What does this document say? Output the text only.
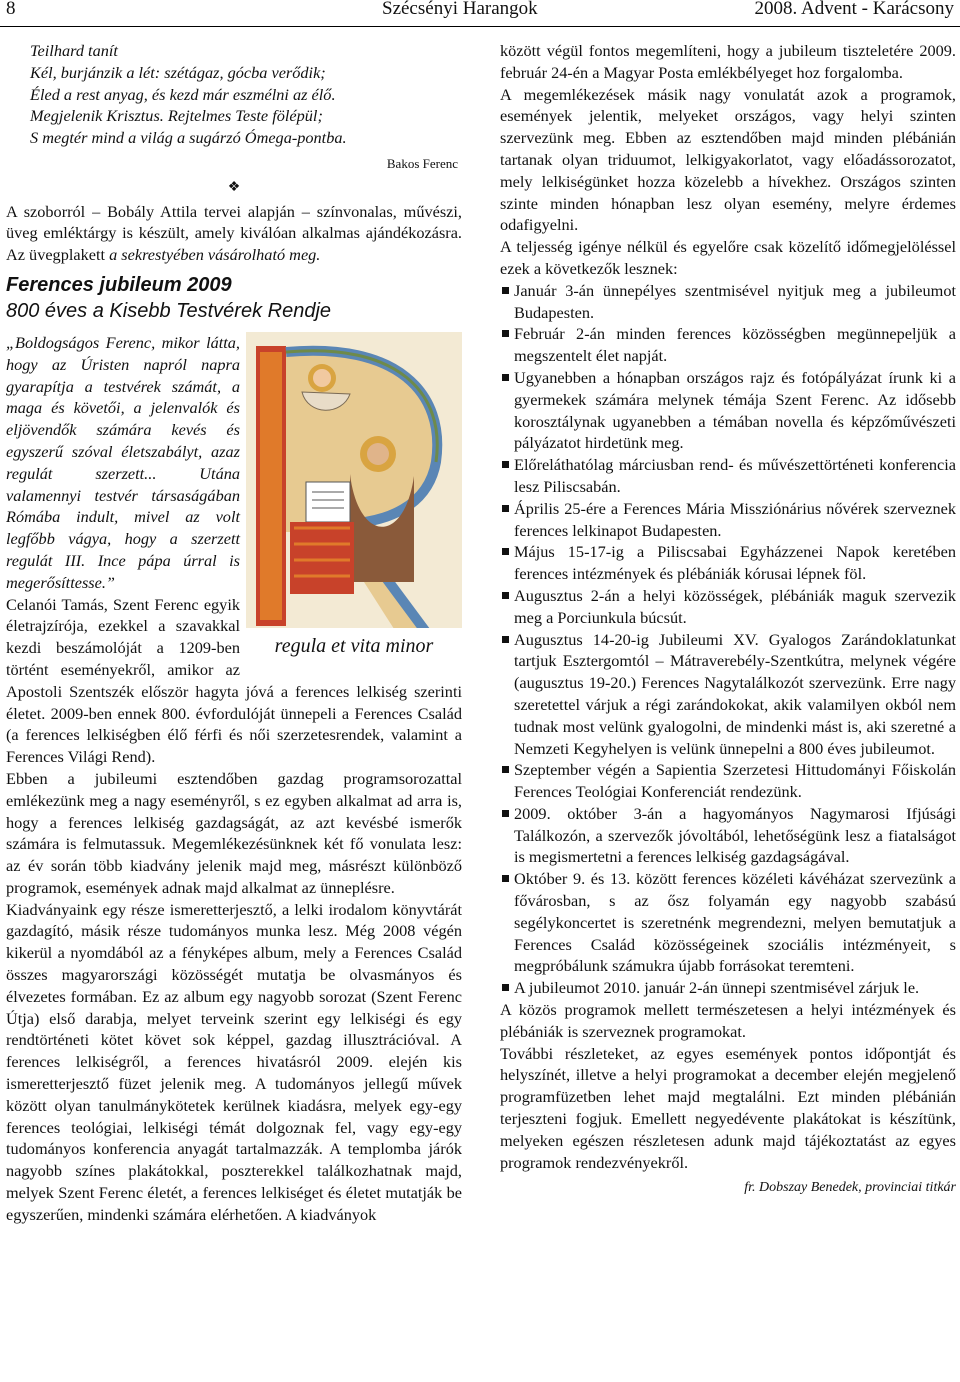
8	Szécsényi Harangok	2008. Advent - Karácsony
Teilhard tanít
Kél, burjánzik a lét: szétágaz, gócba verődik;
Éled a rest anyag, és kezd már eszmélni az élő.
Megjelenik Krisztus. Rejtelmes Teste fölépül;
S megtér mind a világ a sugárzó Ómega-pontba.
Bakos Ferenc
❖

A szoborról – Bobály Attila tervei alapján – színvonalas, művészi, üveg emléktárgy is készült, amely kiválóan alkalmas ajándékozásra. Az üvegplakett a sekrestyében vásárolható meg.

Ferences jubileum 2009
800 éves a Kisebb Testvérek Rendje
regula et vita minor

„Boldogságos Ferenc, mikor látta, hogy az Úristen napról napra gyarapítja a testvérek számát, a maga és követői, a jelenvalók és eljövendők számára kevés és egyszerű szóval életszabályt, azaz regulát szerzett... Utána valamennyi testvér társaságában Rómába indult, mivel az volt legfőbb vágya, hogy a szerzett regulát III. Ince pápa úrral is megerősíttesse.”

Celanói Tamás, Szent Ferenc egyik életrajzírója, ezekkel a szavakkal kezdi beszámolóját a 1209-ben történt eseményekről, amikor az Apostoli Szentszék először hagyta jóvá a ferences lelkiség szerinti életet. 2009-ben ennek 800. évfordulóját ünnepeli a Ferences Család (a ferences lelkiségben élő férfi és női szerzetesrendek, valamint a Ferences Világi Rend).

Ebben a jubileumi esztendőben gazdag programsorozattal emlékezünk meg a nagy eseményről, s ez egyben alkalmat ad arra is, hogy a ferences lelkiség gazdagságát, az azt kevésbé ismerők számára is felmutassuk. Megemlékezésünknek két fő vonulata lesz: az év során több kiadvány jelenik majd meg, másrészt különböző programok, események adnak majd alkalmat az ünneplésre.

Kiadványaink egy része ismeretterjesztő, a lelki irodalom könyvtárát gazdagító, másik része tudományos munka lesz. Még 2008 végén kikerül a nyomdából az a fényképes album, mely a Ferences Család összes magyarországi közösségét mutatja be olvasmányos és élvezetes formában. Ez az album egy nagyobb sorozat (Szent Ferenc Útja) első darabja, melyet terveink szerint egy lelkiségi és egy rendtörténeti kötet követ sok képpel, gazdag illusztrációval. A ferences lelkiségről, a ferences hivatásról 2009. elején kis ismeretterjesztő füzet jelenik meg. A tudományos jellegű művek között olyan tanulmánykötetek kerülnek kiadásra, melyek egy-egy ferences teológiai, lelkiségi témát dolgoznak fel, vagy egy-egy tudományos konferencia anyagát tartalmazzák. A templomba járók nagyobb színes plakátokkal, poszterekkel találkozhatnak majd, melyek Szent Ferenc életét, a ferences lelkiséget és életet mutatják be egyszerűen, mindenki számára elérhetően. A kiadványok

között végül fontos megemlíteni, hogy a jubileum tiszteletére 2009. február 24-én a Magyar Posta emlékbélyeget hoz forgalomba.

A megemlékezések másik nagy vonulatát azok a programok, események jelentik, melyeket országos, vagy helyi szinten szervezünk meg. Ebben az esztendőben majd minden plébánián tartanak olyan triduumot, lelkigyakorlatot, vagy előadássorozatot, mely lelkiségünket hozza közelebb a hívekhez. Országos szinten szinte minden hónapban lesz olyan esemény, melyre érdemes odafigyelni.

A teljesség igénye nélkül és egyelőre csak közelítő időmegjelöléssel ezek a következők lesznek:

Január 3-án ünnepélyes szentmisével nyitjuk meg a jubileumot Budapesten.
Február 2-án minden ferences közösségben megünnepeljük a megszentelt élet napját.
Ugyanebben a hónapban országos rajz és fotópályázat írunk ki a gyermekek számára melynek témája Szent Ferenc. Az idősebb korosztálynak ugyanebben a témában novella és képzőművészeti pályázatot hirdetünk meg.
Előreláthatólag márciusban rend- és művészettörténeti konferencia lesz Piliscsabán.
Április 25-ére a Ferences Mária Missziónárius nővérek szerveznek ferences lelkinapot Budapesten.
Május 15-17-ig a Piliscsabai Egyházzenei Napok keretében ferences intézmények és plébániák kórusai lépnek föl.
Augusztus 2-án a helyi közösségek, plébániák maguk szervezik meg a Porciunkula búcsút.
Augusztus 14-20-ig Jubileumi XV. Gyalogos Zarándoklatunkat tartjuk Esztergomtól – Mátraverebély-Szentkútra, melynek végére (augusztus 19-20.) Ferences Nagytalálkozót szervezünk. Erre nagy szeretettel várjuk a régi zarándokokat, akik valamilyen okból nem tudnak most velünk gyalogolni, de mindenki mást is, aki szeretné a Nemzeti Kegyhelyen is velünk ünnepelni a 800 éves jubileumot.
Szeptember végén a Sapientia Szerzetesi Hittudományi Főiskolán Ferences Teológiai Konferenciát rendezünk.
2009. október 3-án a hagyományos Nagymarosi Ifjúsági Találkozón, a szervezők jóvoltából, lehetőségünk lesz a fiatalságot is megismertetni a ferences lelkiség gazdagságával.
Október 9. és 13. között ferences közéleti kávéházat szervezünk a fővárosban, s az ősz folyamán egy nagyobb szabású segélykoncertet is szeretnénk megrendezni, melyen bemutatjuk a Ferences Család közösségeinek szociális intézményeit, s megpróbálunk számukra újabb forrásokat teremteni.
A jubileumot 2010. január 2-án ünnepi szentmisével zárjuk le.

A közös programok mellett természetesen a helyi intézmények és plébániák is szerveznek programokat.

További részleteket, az egyes események pontos időpontját és helyszínét, illetve a helyi programokat a december elején megjelenő programfüzetben lehet majd megtalálni. Ezt minden plébánián terjeszteni fogjuk. Emellett negyedévente plakátokat is készítünk, melyeken egészen részletesen adunk majd tájékoztatást az egyes programok rendezvényekről.

fr. Dobszay Benedek, provinciai titkár
